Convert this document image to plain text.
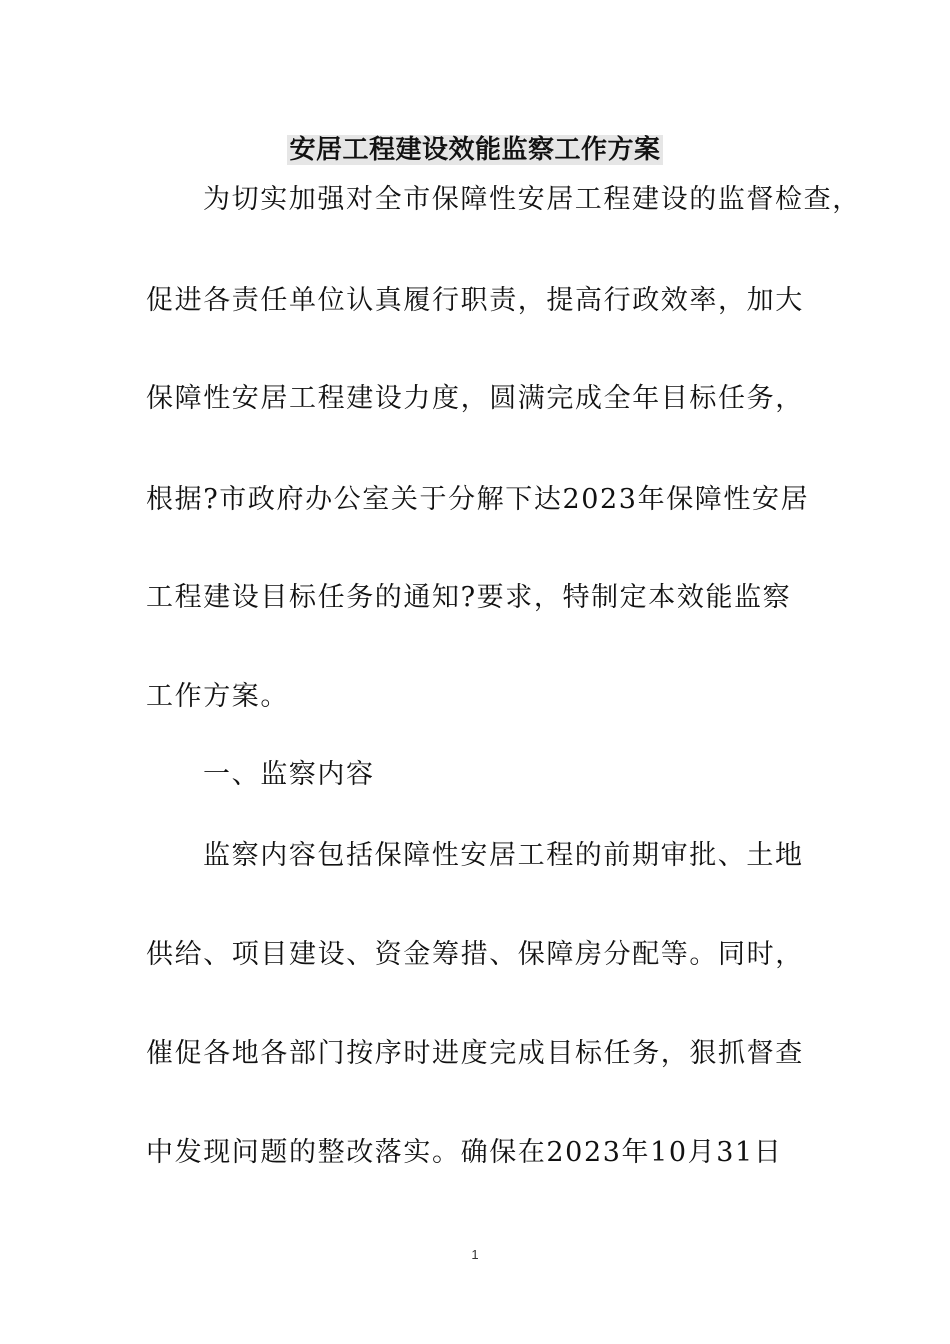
安居工程建设效能监察工作方案
为切实加强对全市保障性安居工程建设的监督检查，
促进各责任单位认真履行职责，提高行政效率，加大
保障性安居工程建设力度，圆满完成全年目标任务，
根据?市政府办公室关于分解下达2023年保障性安居
工程建设目标任务的通知?要求，特制定本效能监察
工作方案。
一、监察内容
监察内容包括保障性安居工程的前期审批、土地
供给、项目建设、资金筹措、保障房分配等。同时，
催促各地各部门按序时进度完成目标任务，狠抓督查
中发现问题的整改落实。确保在2023年10月31日
1
